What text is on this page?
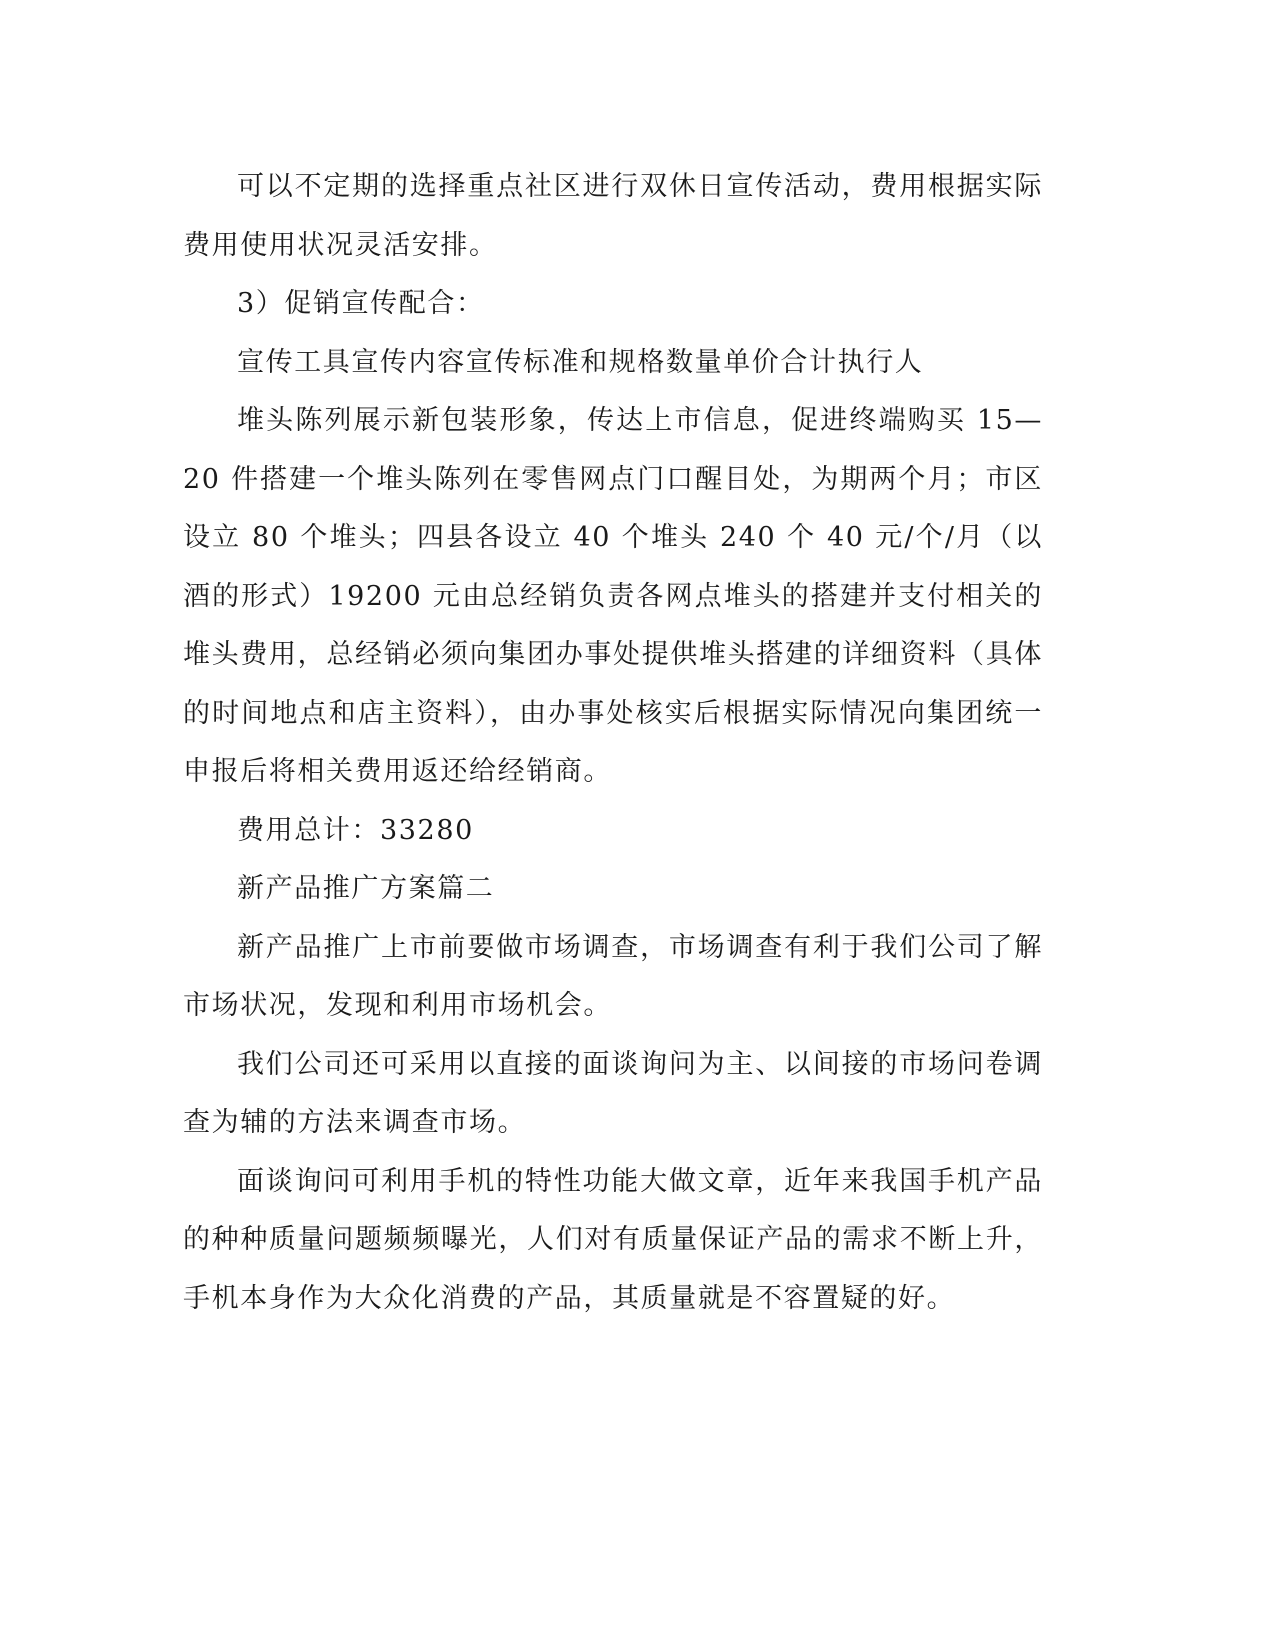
可以不定期的选择重点社区进行双休日宣传活动，费用根据实际费用使用状况灵活安排。

3）促销宣传配合：

宣传工具宣传内容宣传标准和规格数量单价合计执行人

堆头陈列展示新包装形象，传达上市信息，促进终端购买 15—20 件搭建一个堆头陈列在零售网点门口醒目处，为期两个月；市区设立 80 个堆头；四县各设立 40 个堆头 240 个 40 元/个/月（以酒的形式）19200 元由总经销负责各网点堆头的搭建并支付相关的堆头费用，总经销必须向集团办事处提供堆头搭建的详细资料（具体的时间地点和店主资料），由办事处核实后根据实际情况向集团统一申报后将相关费用返还给经销商。

费用总计：33280

新产品推广方案篇二

新产品推广上市前要做市场调查，市场调查有利于我们公司了解市场状况，发现和利用市场机会。

我们公司还可采用以直接的面谈询问为主、以间接的市场问卷调查为辅的方法来调查市场。

面谈询问可利用手机的特性功能大做文章，近年来我国手机产品的种种质量问题频频曝光，人们对有质量保证产品的需求不断上升，手机本身作为大众化消费的产品，其质量就是不容置疑的好。
